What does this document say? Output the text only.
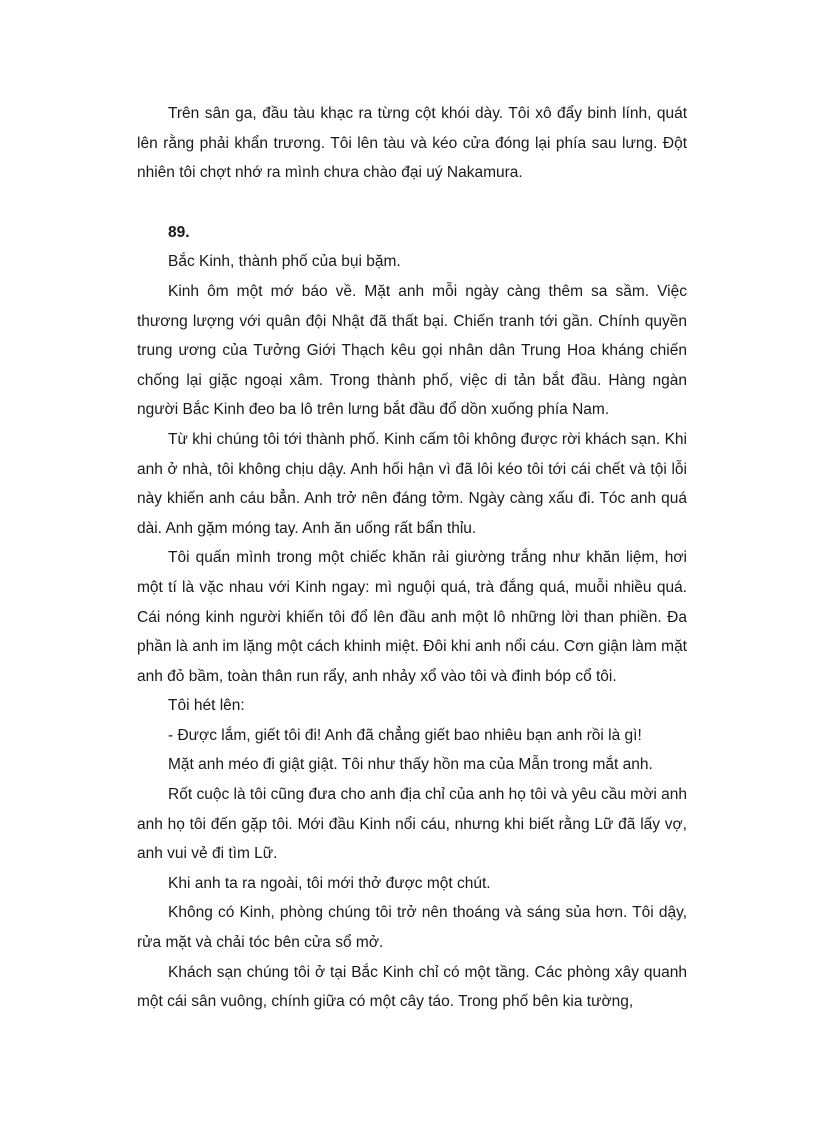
Trên sân ga, đầu tàu khạc ra từng cột khói dày. Tôi xô đẩy binh lính, quát lên rằng phải khẩn trương. Tôi lên tàu và kéo cửa đóng lại phía sau lưng. Đột nhiên tôi chợt nhớ ra mình chưa chào đại uý Nakamura.

89.

Bắc Kinh, thành phố của bụi bặm.

Kinh ôm một mớ báo về. Mặt anh mỗi ngày càng thêm sa sầm. Việc thương lượng với quân đội Nhật đã thất bại. Chiến tranh tới gần. Chính quyền trung ương của Tưởng Giới Thạch kêu gọi nhân dân Trung Hoa kháng chiến chống lại giặc ngoại xâm. Trong thành phố, việc di tản bắt đầu. Hàng ngàn người Bắc Kinh đeo ba lô trên lưng bắt đầu đổ dồn xuống phía Nam.

Từ khi chúng tôi tới thành phố. Kinh cấm tôi không được rời khách sạn. Khi anh ở nhà, tôi không chịu dậy. Anh hối hận vì đã lôi kéo tôi tới cái chết và tội lỗi này khiến anh cáu bẳn. Anh trở nên đáng tởm. Ngày càng xấu đi. Tóc anh quá dài. Anh gặm móng tay. Anh ăn uống rất bẩn thỉu.

Tôi quấn mình trong một chiếc khăn rải giường trắng như khăn liệm, hơi một tí là vặc nhau với Kinh ngay: mì nguội quá, trà đắng quá, muỗi nhiều quá. Cái nóng kinh người khiến tôi đổ lên đầu anh một lô những lời than phiền. Đa phần là anh im lặng một cách khinh miệt. Đôi khi anh nổi cáu. Cơn giận làm mặt anh đỏ bầm, toàn thân run rẩy, anh nhảy xổ vào tôi và đinh bóp cổ tôi.

Tôi hét lên:

- Được lắm, giết tôi đi! Anh đã chẳng giết bao nhiêu bạn anh rồi là gì!

Mặt anh méo đi giật giật. Tôi như thấy hồn ma của Mẫn trong mắt anh.

Rốt cuộc là tôi cũng đưa cho anh địa chỉ của anh họ tôi và yêu cầu mời anh anh họ tôi đến gặp tôi. Mới đầu Kinh nổi cáu, nhưng khi biết rằng Lữ đã lấy vợ, anh vui vẻ đi tìm Lữ.

Khi anh ta ra ngoài, tôi mới thở được một chút.

Không có Kinh, phòng chúng tôi trở nên thoáng và sáng sủa hơn. Tôi dậy, rửa mặt và chải tóc bên cửa sổ mở.

Khách sạn chúng tôi ở tại Bắc Kinh chỉ có một tầng. Các phòng xây quanh một cái sân vuông, chính giữa có một cây táo. Trong phố bên kia tường,
